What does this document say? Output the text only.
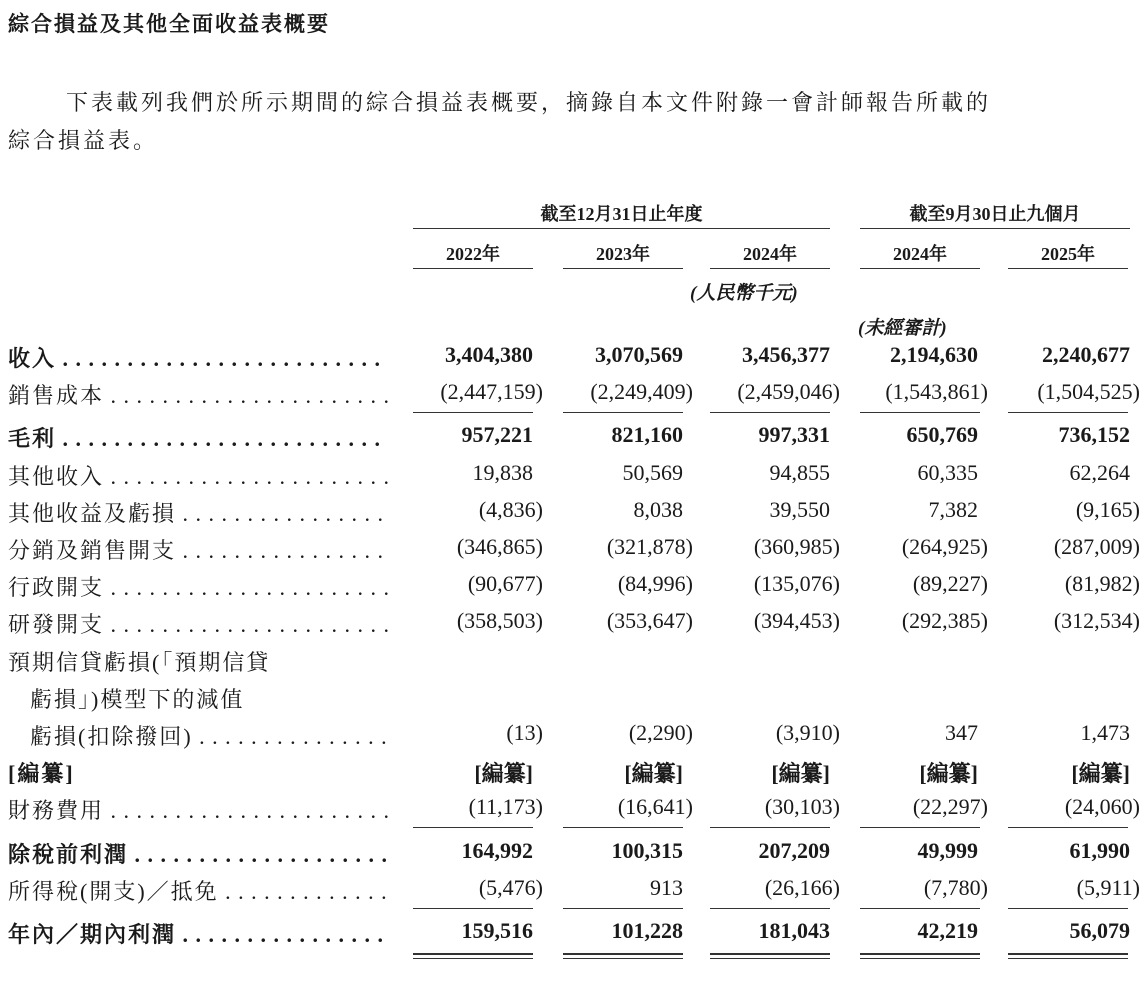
綜合損益及其他全面收益表概要
下表載列我們於所示期間的綜合損益表概要，摘錄自本文件附錄一會計師報告所載的
綜合損益表。
截至12月31日止年度	截至9月30日止九個月
(人民幣千元)
(未經審計)
2022年	2023年	2024年	2024年	2025年
收入 . . .	3,404,380	3,070,569	3,456,377	2,194,630	2,240,677
銷售成本 . . .	(2,447,159)	(2,249,409)	(2,459,046)	(1,543,861)	(1,504,525)
毛利 . . .	957,221	821,160	997,331	650,769	736,152
其他收入 . . .	19,838	50,569	94,855	60,335	62,264
其他收益及虧損 . . .	(4,836)	8,038	39,550	7,382	(9,165)
分銷及銷售開支 . . .	(346,865)	(321,878)	(360,985)	(264,925)	(287,009)
行政開支 . . .	(90,677)	(84,996)	(135,076)	(89,227)	(81,982)
研發開支 . . .	(358,503)	(353,647)	(394,453)	(292,385)	(312,534)
預期信貸虧損(「預期信貸
虧損」)模型下的減值
虧損(扣除撥回) . . .	(13)	(2,290)	(3,910)	347	1,473
[編纂]	[編纂]	[編纂]	[編纂]	[編纂]	[編纂]
財務費用 . . .	(11,173)	(16,641)	(30,103)	(22,297)	(24,060)
除稅前利潤 . . .	164,992	100,315	207,209	49,999	61,990
所得稅(開支)／抵免 . . .	(5,476)	913	(26,166)	(7,780)	(5,911)
年內／期內利潤 . . .	159,516	101,228	181,043	42,219	56,079
